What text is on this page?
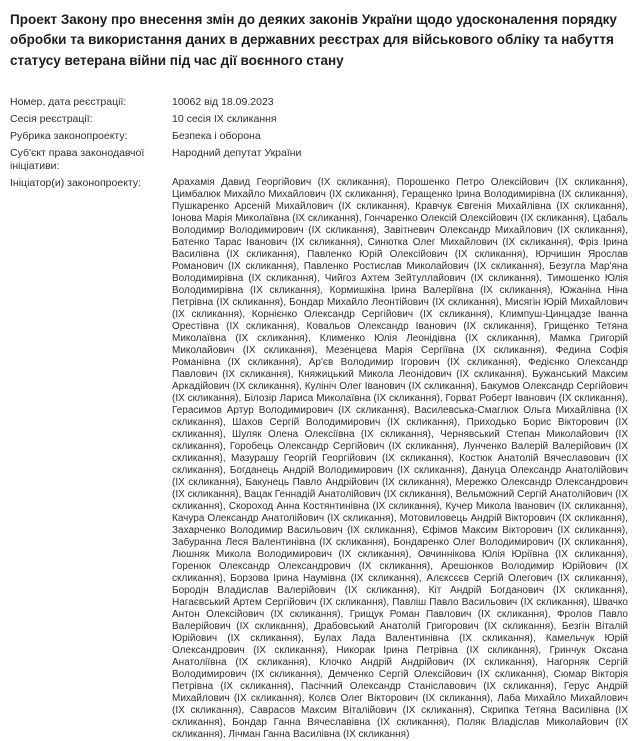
Проект Закону про внесення змін до деяких законів України щодо удосконалення порядку обробки та використання даних в державних реєстрах для військового обліку та набуття статусу ветерана війни під час дії воєнного стану
Номер, дата реєстрації:	10062 від 18.09.2023
Сесія реєстрації:	10 сесія ІХ скликання
Рубрика законопроекту:	Безпека і оборона
Суб'єкт права законодавчої ініціативи:
Народний депутат України
Ініціатор(и) законопроекту:	Арахамія Давид Георгійович (ІХ скликання), Порошенко Петро Олексійович (ІХ скликання), Цимбалюк Михайло Михайлович (ІХ скликання), Геращенко Ірина Володимирівна (ІХ скликання), Пушкаренко Арсеній Михайлович (ІХ скликання), Кравчук Євгенія Михайлівна (ІХ скликання), Іонова Марія Миколаївна (ІХ скликання), Гончаренко Олексій Олексійович (ІХ скликання), Цабаль Володимир Володимирович (ІХ скликання), Завітневич Олександр Михайлович (ІХ скликання), Батенко Тарас Іванович (ІХ скликання), Синютка Олег Михайлович (ІХ скликання), Фріз Ірина Василівна (ІХ скликання), Павленко Юрій Олексійович (ІХ скликання), Юрчишин Ярослав Романович (ІХ скликання), Павленко Ростислав Миколайович (ІХ скликання), Безугла Мар'яна Володимирівна (ІХ скликання), Чийгоз Ахтем Зейтуллайович (ІХ скликання), Тимошенко Юлія Володимирівна (ІХ скликання), Кормишкіна Ірина Валеріївна (ІХ скликання), Южаніна Ніна Петрівна (ІХ скликання), Бондар Михайло Леонтійович (ІХ скликання), Мисягін Юрій Михайлович (ІХ скликання), Корнієнко Олександр Сергійович (ІХ скликання), Климпуш-Цинцадзе Іванна Орестівна (ІХ скликання), Ковальов Олександр Іванович (ІХ скликання), Грищенко Тетяна Миколаївна (ІХ скликання), Клименко Юлія Леонідівна (ІХ скликання), Мамка Григорій Миколайович (ІХ скликання), Мезенцева Марія Сергіївна (ІХ скликання), Федина Софія Романівна (ІХ скликання), Ар'єв Володимир Ігорович (ІХ скликання), Федієнко Олександр Павлович (ІХ скликання), Княжицький Микола Леонідович (ІХ скликання), Бужанський Максим Аркадійович (ІХ скликання), Кулініч Олег Іванович (ІХ скликання), Бакумов Олександр Сергійович (ІХ скликання), Білозір Лариса Миколаївна (ІХ скликання), Горват Роберт Іванович (ІХ скликання), Герасимов Артур Володимирович (ІХ скликання), Василевська-Смаглюк Ольга Михайлівна (ІХ скликання), Шахов Сергій Володимирович (ІХ скликання), Приходько Борис Вікторович (ІХ скликання), Шуляк Олена Олексіївна (ІХ скликання), Чернявський Степан Миколайович (ІХ скликання), Горобець Олександр Сергійович (ІХ скликання), Лунченко Валерій Валерійович (ІХ скликання), Мазурашу Георгій Георгійович (ІХ скликання), Костюк Анатолій Вячеславович (ІХ скликання), Богданець Андрій Володимирович (ІХ скликання), Дануца Олександр Анатолійович (ІХ скликання), Бакунець Павло Андрійович (ІХ скликання), Мережко Олександр Олександрович (ІХ скликання), Вацак Геннадій Анатолійович (ІХ скликання), Вельможний Сергій Анатолійович (ІХ скликання), Скороход Анна Костянтинівна (ІХ скликання), Кучер Микола Іванович (ІХ скликання), Качура Олександр Анатолійович (ІХ скликання), Мотовиловець Андрій Вікторович (ІХ скликання), Захарченко Володимир Васильович (ІХ скликання), Єфімов Максим Вікторович (ІХ скликання), Забуранна Леся Валентинівна (ІХ скликання), Бондаренко Олег Володимирович (ІХ скликання), Люшняк Микола Володимирович (ІХ скликання), Овчиннікова Юлія Юріївна (ІХ скликання), Горенюк Олександр Олександрович (ІХ скликання), Арешонков Володимир Юрійович (ІХ скликання), Борзова Ірина Наумівна (ІХ скликання), Алєксєєв Сергій Олегович (ІХ скликання), Бородін Владислав Валерійович (ІХ скликання), Кіт Андрій Богданович (ІХ скликання), Нагаєвський Артем Сергійович (ІХ скликання), Павліш Павло Васильович (ІХ скликання), Швачко Антон Олексійович (ІХ скликання), Грищук Роман Павлович (ІХ скликання), Фролов Павло Валерійович (ІХ скликання), Драбовський Анатолій Григорович (ІХ скликання), Безгін Віталій Юрійович (ІХ скликання), Булах Лада Валентинівна (ІХ скликання), Камельчук Юрій Олександрович (ІХ скликання), Никорак Ірина Петрівна (ІХ скликання), Гринчук Оксана Анатоліївна (ІХ скликання), Клочко Андрій Андрійович (ІХ скликання), Нагорняк Сергій Володимирович (ІХ скликання), Демченко Сергій Олексійович (ІХ скликання), Сюмар Вікторія Петрівна (ІХ скликання), Пасічний Олександр Станіславович (ІХ скликання), Герус Андрій Михайлович (ІХ скликання), Колєв Олег Вікторович (ІХ скликання), Лаба Михайло Михайлович (ІХ скликання), Саврасов Максим Віталійович (ІХ скликання), Скрипка Тетяна Василівна (ІХ скликання), Бондар Ганна Вячеславівна (ІХ скликання), Поляк Владіслав Миколайович (ІХ скликання), Лічман Ганна Василівна (ІХ скликання)
